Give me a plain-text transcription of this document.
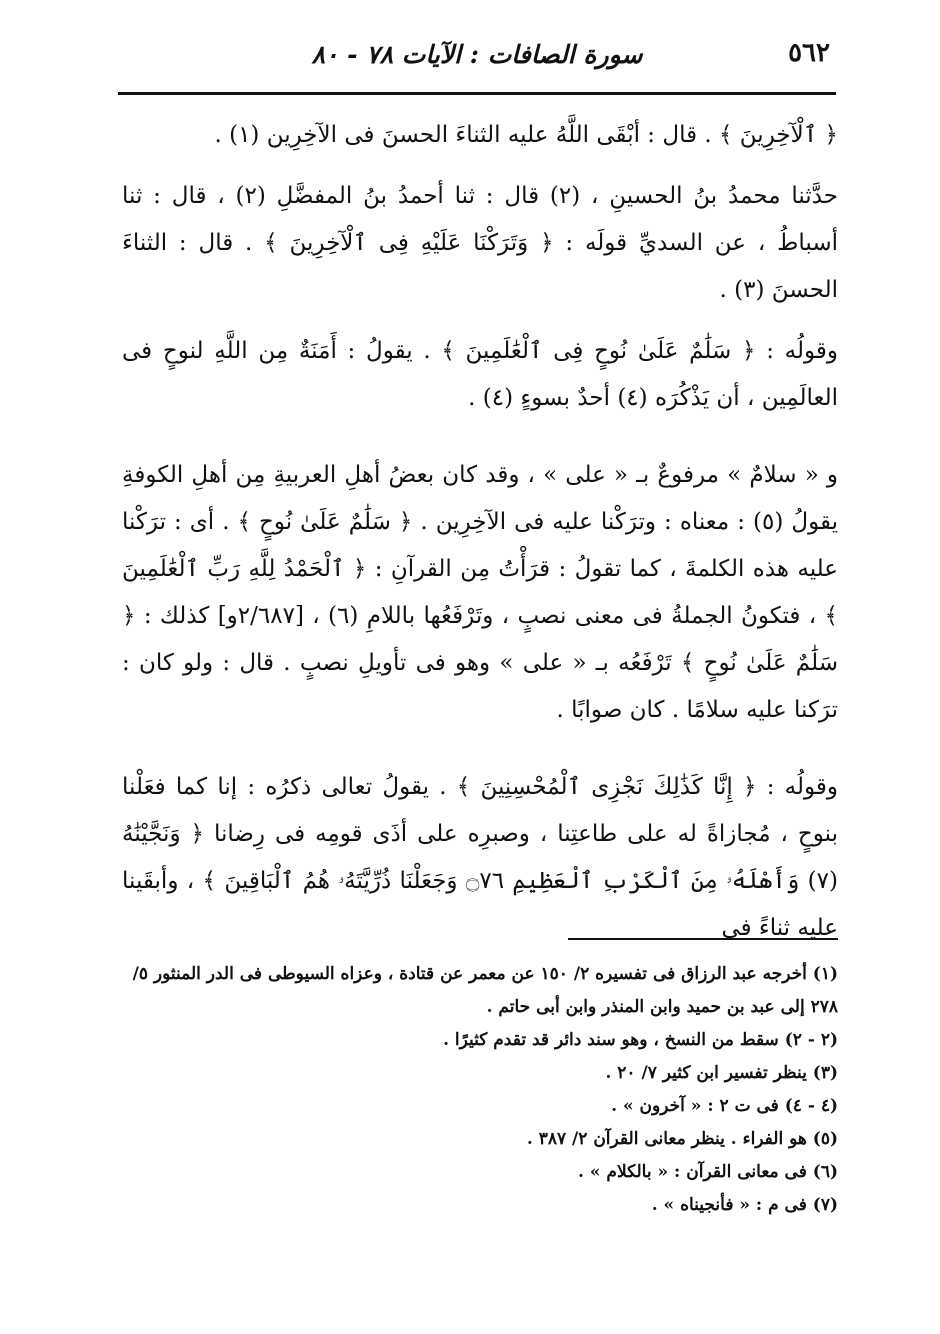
٥٦٢
سورة الصافات : الآيات ٧٨ - ٨٠

﴿ ٱلْآخِرِينَ ﴾ . قال : أبْقَى اللَّهُ عليه الثناءَ الحسنَ فى الآخِرِين (١) .

حدَّثنا محمدُ بنُ الحسينِ ، (٢) قال : ثنا أحمدُ بنُ المفضَّلِ (٢) ، قال : ثنا أسباطُ ، عن السديِّ قولَه : ﴿ وَتَرَكْنَا عَلَيْهِ فِى ٱلْآخِرِينَ ﴾ . قال : الثناءَ الحسنَ (٣) .

وقولُه : ﴿ سَلَٰمٌ عَلَىٰ نُوحٍ فِى ٱلْعَٰلَمِينَ ﴾ . يقولُ : أَمَنَةٌ مِن اللَّهِ لنوحٍ فى العالَمِين ، أن يَذْكُرَه (٤) أحدٌ بسوءٍ (٤) .

و « سلامٌ » مرفوعٌ بـ « على » ، وقد كان بعضُ أهلِ العربيةِ مِن أهلِ الكوفةِ يقولُ (٥) : معناه : وترَكْنا عليه فى الآخِرِين . ﴿ سَلَٰمٌ عَلَىٰ نُوحٍ ﴾ . أى : ترَكْنا عليه هذه الكلمةَ ، كما تقولُ : قرَأْتُ مِن القرآنِ : ﴿ ٱلْحَمْدُ لِلَّهِ رَبِّ ٱلْعَٰلَمِينَ ﴾ ، فتكونُ الجملةُ فى معنى نصبٍ ، وتَرْفَعُها باللامِ (٦) ، [٢/٦٨٧و] كذلك : ﴿ سَلَٰمٌ عَلَىٰ نُوحٍ ﴾ تَرْفَعُه بـ « على » وهو فى تأويلِ نصبٍ . قال : ولو كان : ترَكنا عليه سلامًا . كان صوابًا .

وقولُه : ﴿ إِنَّا كَذَٰلِكَ نَجْزِى ٱلْمُحْسِنِينَ ﴾ . يقولُ تعالى ذكرُه : إنا كما فعَلْنا بنوحٍ ، مُجازاةً له على طاعتِنا ، وصبرِه على أذَى قومِه فى رِضانا ﴿ وَنَجَّيْنَٰهُ (٧) وَأَهْلَهُۥ مِنَ ٱلْكَرْبِ ٱلْعَظِيمِ ۝٧٦ وَجَعَلْنَا ذُرِّيَّتَهُۥ هُمُ ٱلْبَاقِينَ ﴾ ، وأبقَينا عليه ثناءً فى

(١) أخرجه عبد الرزاق فى تفسيره ٢/ ١٥٠ عن معمر عن قتادة ، وعزاه السيوطى فى الدر المنثور ٥/ ٢٧٨ إلى عبد بن حميد وابن المنذر وابن أبى حاتم .

(٢ - ٢) سقط من النسخ ، وهو سند دائر قد تقدم كثيرًا .

(٣) ينظر تفسير ابن كثير ٧/ ٢٠ .

(٤ - ٤) فى ت ٢ : « آخرون » .

(٥) هو الفراء . ينظر معانى القرآن ٢/ ٣٨٧ .

(٦) فى معانى القرآن : « بالكلام » .

(٧) فى م : « فأنجيناه » .
